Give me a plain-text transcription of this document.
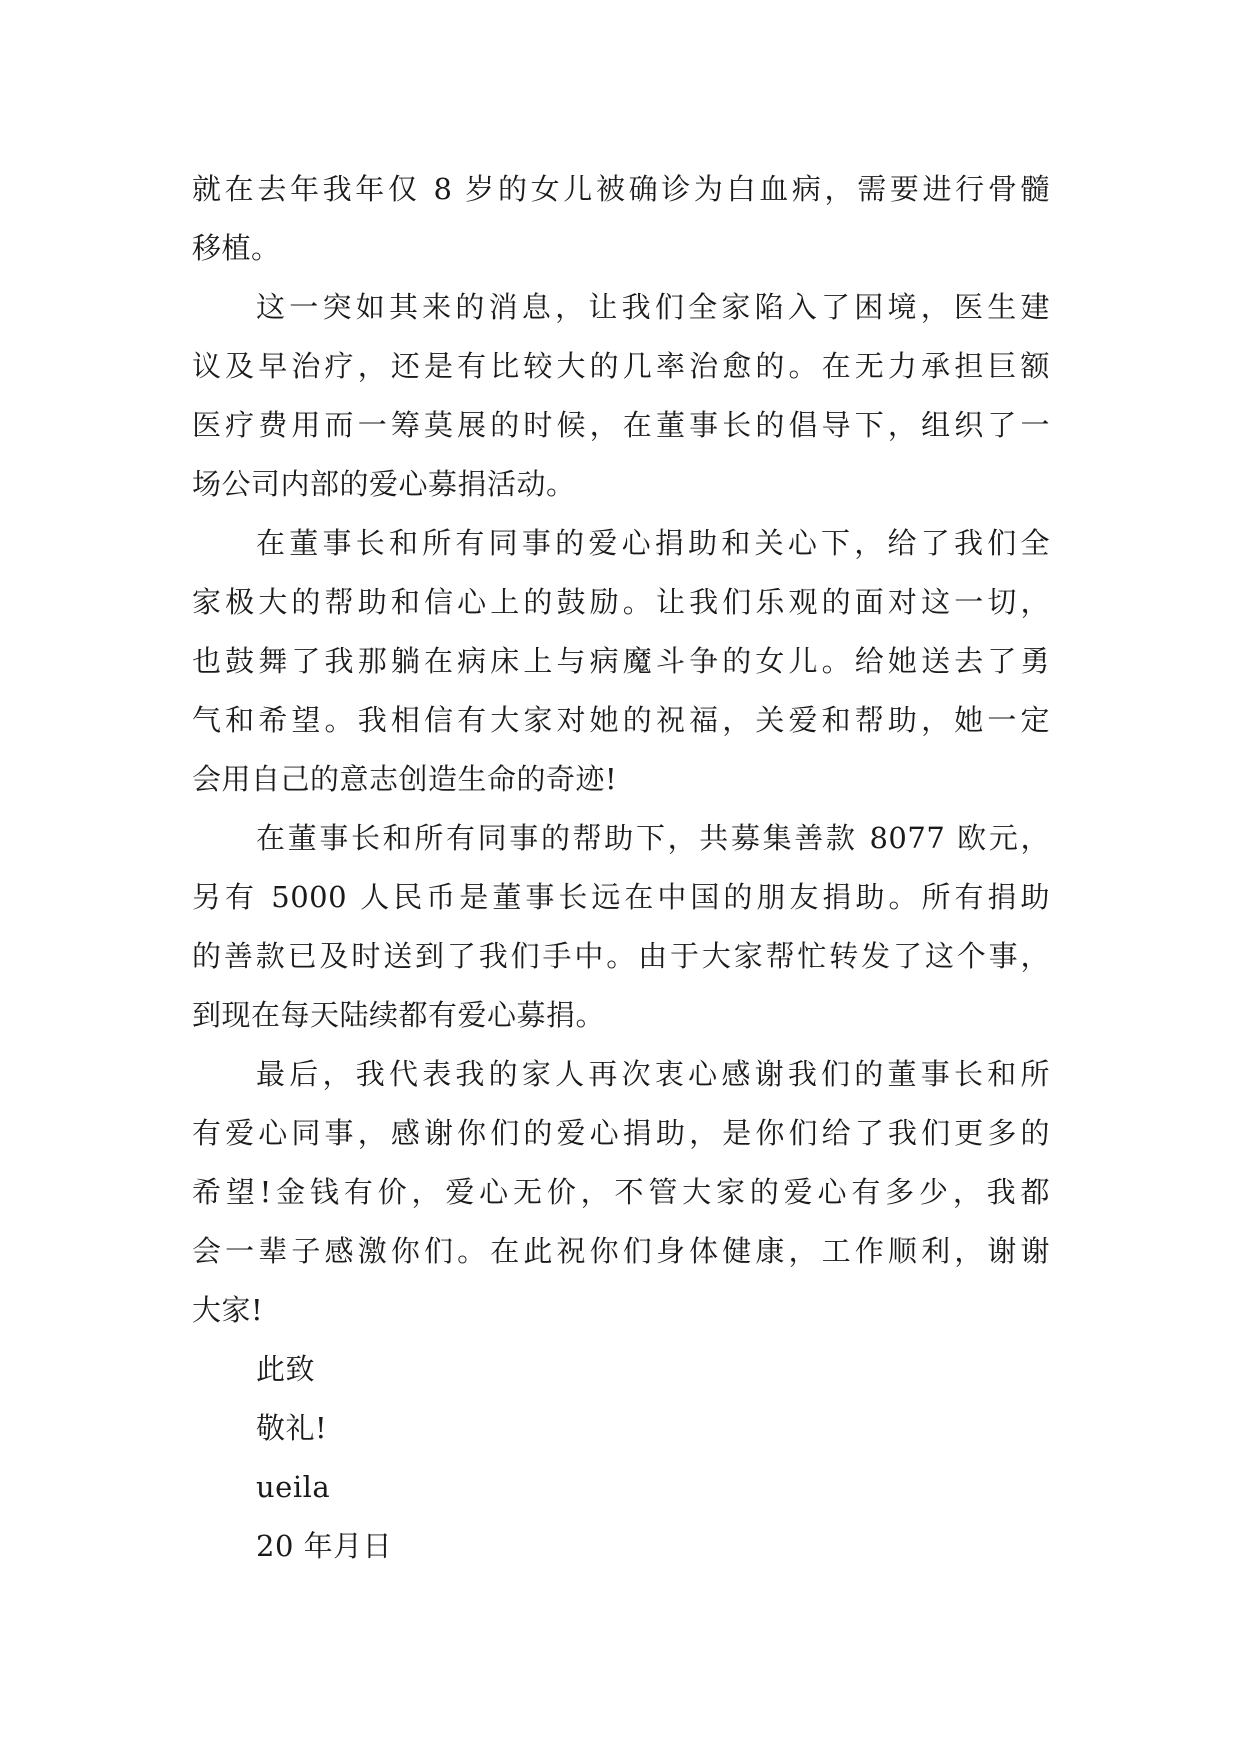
就在去年我年仅 8 岁的女儿被确诊为白血病，需要进行骨髓
移植。
这一突如其来的消息，让我们全家陷入了困境，医生建
议及早治疗，还是有比较大的几率治愈的。在无力承担巨额
医疗费用而一筹莫展的时候，在董事长的倡导下，组织了一
场公司内部的爱心募捐活动。
在董事长和所有同事的爱心捐助和关心下，给了我们全
家极大的帮助和信心上的鼓励。让我们乐观的面对这一切，
也鼓舞了我那躺在病床上与病魔斗争的女儿。给她送去了勇
气和希望。我相信有大家对她的祝福，关爱和帮助，她一定
会用自己的意志创造生命的奇迹!
在董事长和所有同事的帮助下，共募集善款 8077 欧元，
另有 5000 人民币是董事长远在中国的朋友捐助。所有捐助
的善款已及时送到了我们手中。由于大家帮忙转发了这个事，
到现在每天陆续都有爱心募捐。
最后，我代表我的家人再次衷心感谢我们的董事长和所
有爱心同事，感谢你们的爱心捐助，是你们给了我们更多的
希望!金钱有价，爱心无价，不管大家的爱心有多少，我都
会一辈子感激你们。在此祝你们身体健康，工作顺利，谢谢
大家!
此致
敬礼!
ueila
20 年月日
